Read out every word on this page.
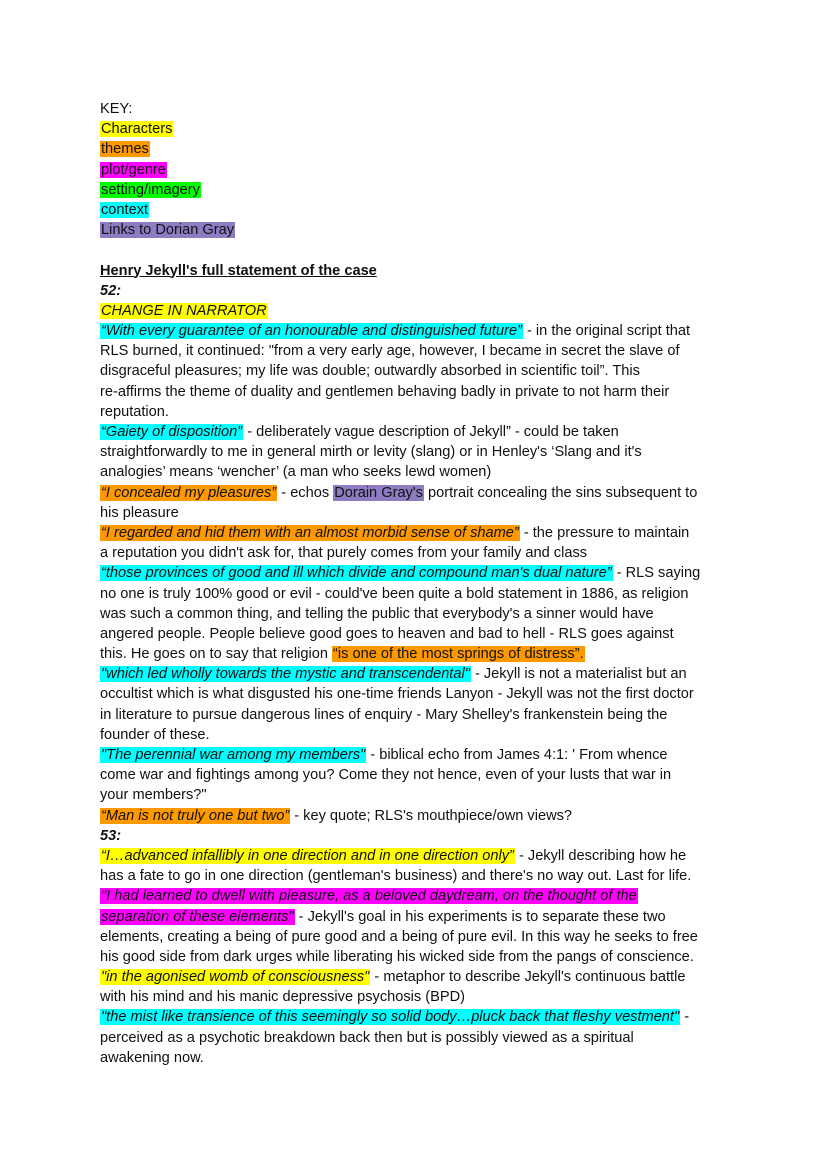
KEY:
Characters
themes
plot/genre
setting/imagery
context
Links to Dorian Gray
Henry Jekyll's full statement of the case
52:
CHANGE IN NARRATOR
“With every guarantee of an honourable and distinguished future” - in the original script that
RLS burned, it continued: "from a very early age, however, I became in secret the slave of
disgraceful pleasures; my life was double; outwardly absorbed in scientific toil”. This
re-affirms the theme of duality and gentlemen behaving badly in private to not harm their
reputation.
“Gaiety of disposition” - deliberately vague description of Jekyll” - could be taken
straightforwardly to me in general mirth or levity (slang) or in Henley's ‘Slang and it's
analogies’ means ‘wencher’ (a man who seeks lewd women)
“I concealed my pleasures” - echos Dorain Gray's portrait concealing the sins subsequent to
his pleasure
“I regarded and hid them with an almost morbid sense of shame” - the pressure to maintain
a reputation you didn't ask for, that purely comes from your family and class
“those provinces of good and ill which divide and compound man's dual nature” - RLS saying
no one is truly 100% good or evil - could've been quite a bold statement in 1886, as religion
was such a common thing, and telling the public that everybody's a sinner would have
angered people. People believe good goes to heaven and bad to hell - RLS goes against
this. He goes on to say that religion “is one of the most springs of distress”.
"which led wholly towards the mystic and transcendental" - Jekyll is not a materialist but an
occultist which is what disgusted his one-time friends Lanyon - Jekyll was not the first doctor
in literature to pursue dangerous lines of enquiry - Mary Shelley's frankenstein being the
founder of these.
"The perennial war among my members" - biblical echo from James 4:1: ' From whence
come war and fightings among you? Come they not hence, even of your lusts that war in
your members?"
“Man is not truly one but two” - key quote; RLS's mouthpiece/own views?
53:
“I…advanced infallibly in one direction and in one direction only” - Jekyll describing how he
has a fate to go in one direction (gentleman's business) and there's no way out. Last for life.
"I had learned to dwell with pleasure, as a beloved daydream, on the thought of the
separation of these elements" - Jekyll's goal in his experiments is to separate these two
elements, creating a being of pure good and a being of pure evil. In this way he seeks to free
his good side from dark urges while liberating his wicked side from the pangs of conscience.
"in the agonised womb of consciousness" - metaphor to describe Jekyll's continuous battle
with his mind and his manic depressive psychosis (BPD)
"the mist like transience of this seemingly so solid body…pluck back that fleshy vestment" -
perceived as a psychotic breakdown back then but is possibly viewed as a spiritual
awakening now.
